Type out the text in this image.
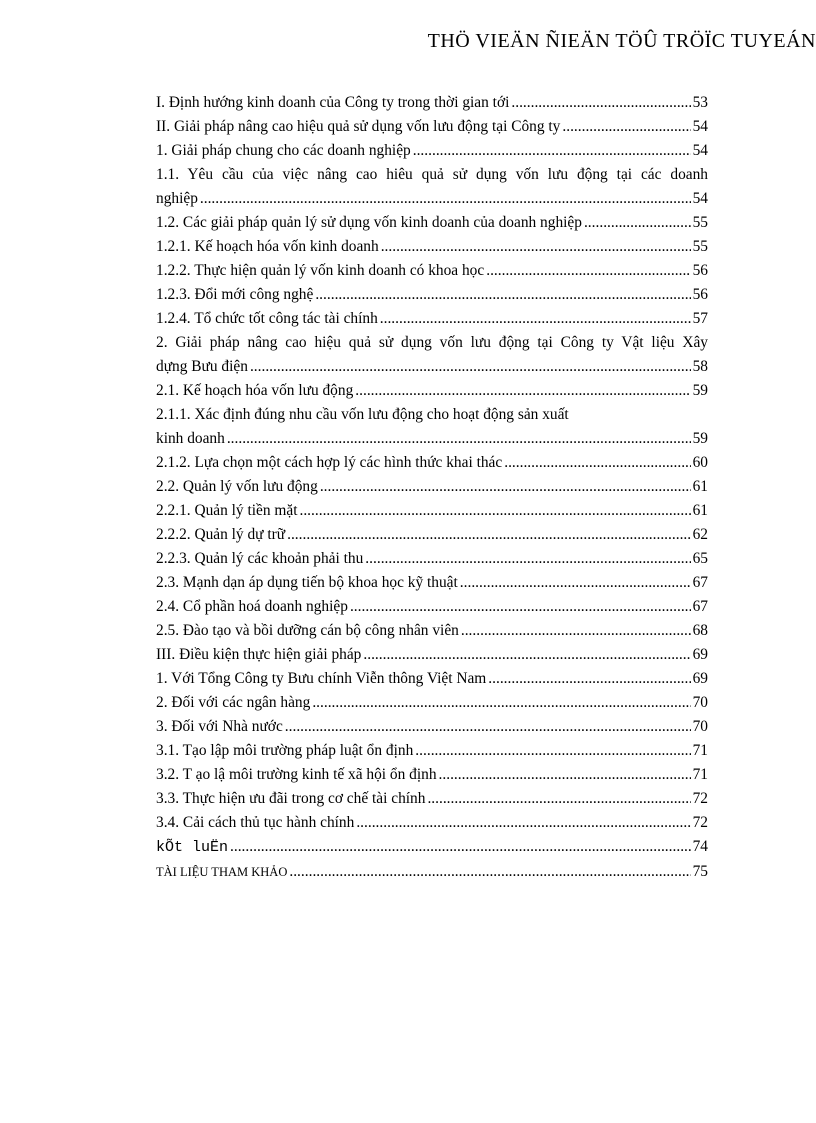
THÖ VIEÄN ÑIEÄN TÖÛ TRÖÏC TUYEÁN
I. Định hướng kinh doanh của Công ty trong thời gian tới .....	53
II. Giải pháp nâng cao hiệu quả sử dụng vốn lưu động tại Công ty .....	54
1. Giải pháp chung cho các doanh nghiệp .....	54
1.1. Yêu cầu của việc nâng cao hiêu quả sử dụng vốn lưu động tại các doanh
nghiệp .....	54
1.2. Các giải pháp quản lý sử dụng vốn kinh doanh của doanh nghiệp .....	55
1.2.1. Kế hoạch hóa vốn kinh doanh .....	55
1.2.2. Thực hiện quản lý vốn kinh doanh có khoa học .....	56
1.2.3. Đổi mới công nghệ .....	56
1.2.4. Tổ chức tốt công tác tài chính .....	57
2. Giải pháp nâng cao hiệu quả sử dụng vốn lưu động tại Công ty Vật liệu Xây
dựng Bưu điện .....	58
2.1. Kế hoạch hóa vốn lưu động .....	59
2.1.1. Xác định đúng nhu cầu vốn lưu động cho hoạt động sản xuất
kinh doanh .....	59
2.1.2. Lựa chọn một cách hợp lý các hình thức khai thác .....	60
2.2. Quản lý vốn lưu động .....	61
2.2.1. Quản lý tiền mặt .....	61
2.2.2. Quản lý dự trữ .....	62
2.2.3. Quản lý các khoản phải thu .....	65
2.3. Mạnh dạn áp dụng tiến bộ khoa học kỹ thuật .....	67
2.4. Cổ phần hoá doanh nghiệp .....	67
2.5. Đào tạo và bồi dưỡng cán bộ công nhân viên .....	68
III. Điều kiện thực hiện giải pháp .....	69
1. Với Tổng Công ty Bưu chính Viễn thông Việt Nam .....	69
2. Đối với các ngân hàng .....	70
3. Đối với Nhà nước .....	70
3.1. Tạo lập môi trường pháp luật ổn định .....	71
3.2. T ạo lậ môi trường kinh tế xã hội ổn định .....	71
3.3. Thực hiện ưu đãi trong cơ chế tài chính .....	72
3.4. Cải cách thủ tục hành chính .....	72
kÕt luËn .....	74
TÀI LIỆU THAM KHẢO .....	75
